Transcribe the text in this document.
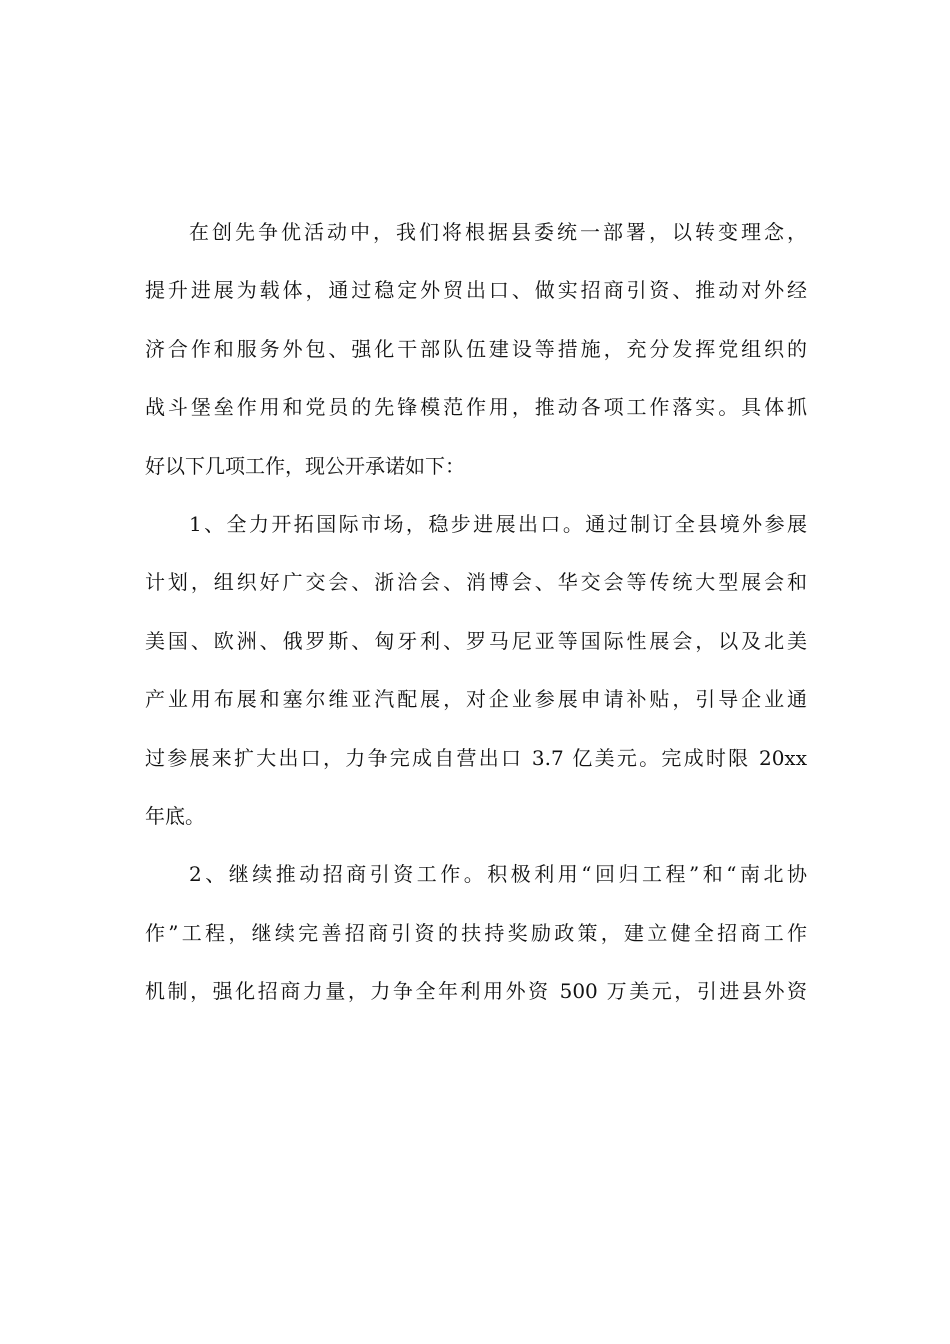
在创先争优活动中，我们将根据县委统一部署，以转变理念，
提升进展为载体，通过稳定外贸出口、做实招商引资、推动对外经
济合作和服务外包、强化干部队伍建设等措施，充分发挥党组织的
战斗堡垒作用和党员的先锋模范作用，推动各项工作落实。具体抓
好以下几项工作，现公开承诺如下：
1、全力开拓国际市场，稳步进展出口。通过制订全县境外参展
计划，组织好广交会、浙洽会、消博会、华交会等传统大型展会和
美国、欧洲、俄罗斯、匈牙利、罗马尼亚等国际性展会，以及北美
产业用布展和塞尔维亚汽配展，对企业参展申请补贴，引导企业通
过参展来扩大出口，力争完成自营出口 3.7 亿美元。完成时限 20xx
年底。
2、继续推动招商引资工作。积极利用“回归工程”和“南北协
作”工程，继续完善招商引资的扶持奖励政策，建立健全招商工作
机制，强化招商力量，力争全年利用外资 500 万美元，引进县外资
